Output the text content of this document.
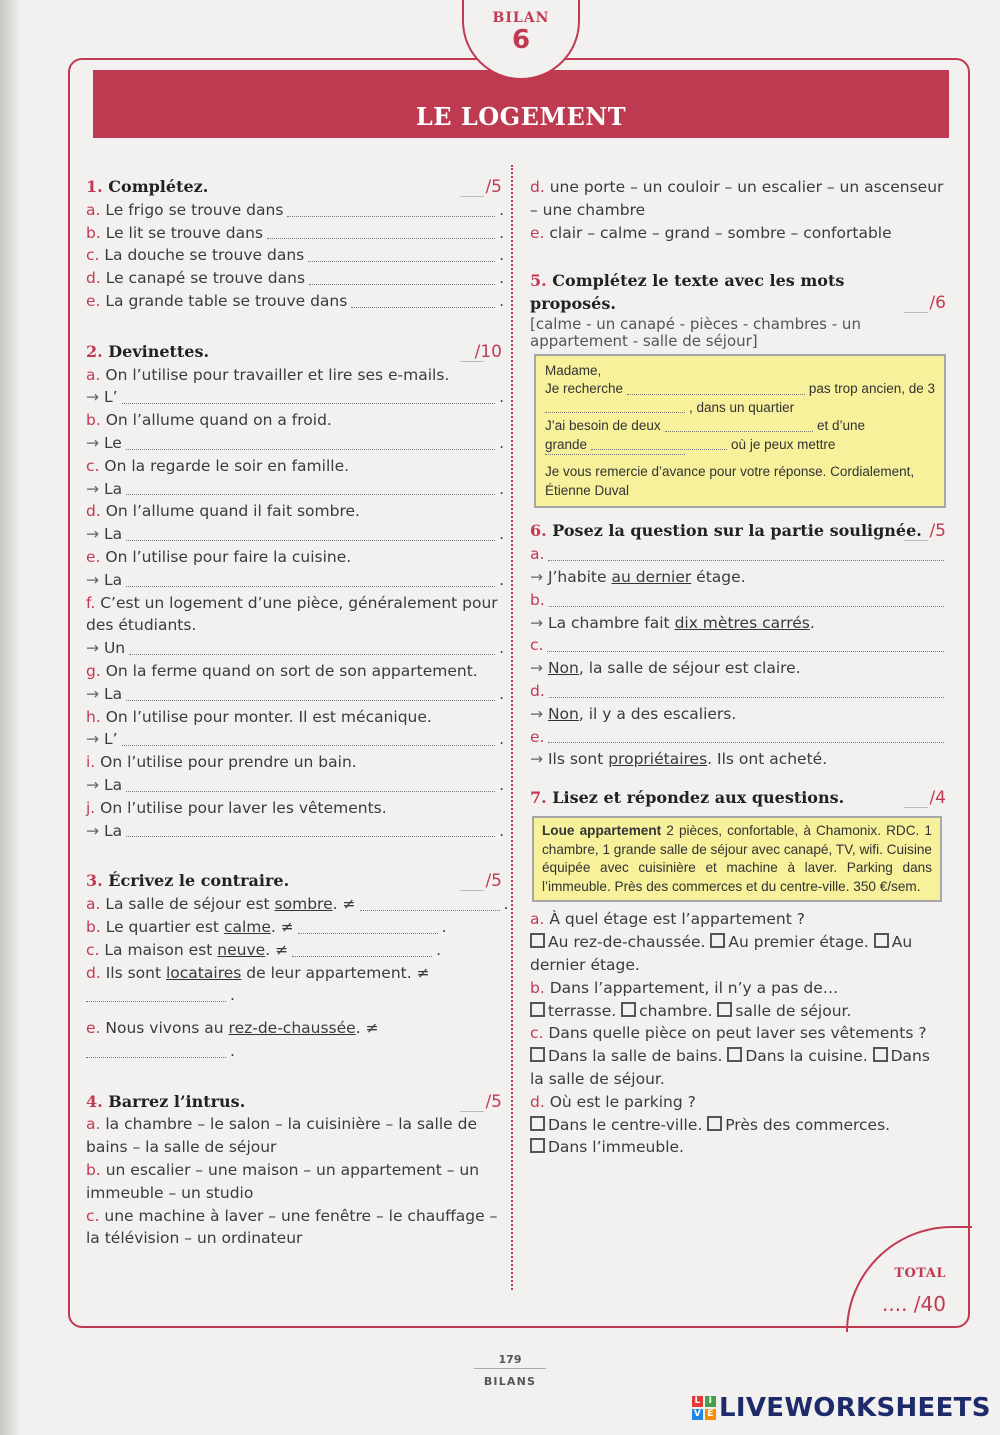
BILAN
6
LE LOGEMENT
1. Complétez.	/5
a.
Le frigo se trouve dans	.
b.
Le lit se trouve dans	.
c.
La douche se trouve dans	.
d.
Le canapé se trouve dans	.
e.
La grande table se trouve dans	.
2. Devinettes.	/10
a. On l’utilise pour travailler et lire ses e-mails.
→
L’	.
b. On l’allume quand on a froid.
→
Le	.
c. On la regarde le soir en famille.
→
La	.
d. On l’allume quand il fait sombre.
→
La	.
e. On l’utilise pour faire la cuisine.
→
La	.
f. C’est un logement d’une pièce, généralement pour des étudiants.
→
Un	.
g. On la ferme quand on sort de son appartement.
→
La	.
h. On l’utilise pour monter. Il est mécanique.
→
L’	.
i. On l’utilise pour prendre un bain.
→
La	.
j. On l’utilise pour laver les vêtements.
→
La	.
3. Écrivez le contraire.	/5
a.
La salle de séjour est
sombre .
≠	.
b.
Le quartier est
calme .
≠	.
c.
La maison est
neuve .
≠	.
d.
Ils sont
locataires
de leur appartement.
≠
.
e.
Nous vivons au
rez-de-chaussée .
≠
.
4. Barrez l’intrus.	/5
a. la chambre – le salon – la cuisinière – la salle de bains – la salle de séjour
b. un escalier – une maison – un appartement – un immeuble – un studio
c. une machine à laver – une fenêtre – le chauffage – la télévision – un ordinateur
d. une porte – un couloir – un escalier – un ascenseur – une chambre
e. clair – calme – grand – sombre – confortable
5. Complétez le texte avec les mots
proposés.	/6
[calme - un canapé - pièces - chambres - un appartement - salle de séjour]
Madame,
Je recherche	pas trop ancien, de 3
, dans un quartier
J’ai besoin de deux	et d’une
grande	où je peux mettre
Je vous remercie d’avance pour votre réponse. Cordialement, Étienne Duval
6. Posez la question sur la partie soulignée. /5
a.
→ J’habite au dernier étage.
b.
→ La chambre fait dix mètres carrés.
c.
→ Non, la salle de séjour est claire.
d.
→ Non, il y a des escaliers.
e.
→ Ils sont propriétaires. Ils ont acheté.
7. Lisez et répondez aux questions.	/4
Loue appartement 2 pièces, confortable, à Chamonix. RDC. 1 chambre, 1 grande salle de séjour avec canapé, TV, wifi. Cuisine équipée avec cuisinière et machine à laver. Parking dans l’immeuble. Près des commerces et du centre-ville. 350 €/sem.
a. À quel étage est l’appartement ?
Au rez-de-chaussée. Au premier étage. Au dernier étage.
b. Dans l’appartement, il n’y a pas de…
terrasse. chambre. salle de séjour.
c. Dans quelle pièce on peut laver ses vêtements ?
Dans la salle de bains. Dans la cuisine. Dans la salle de séjour.
d. Où est le parking ?
Dans le centre-ville. Près des commerces.
Dans l’immeuble.
TOTAL
.... /40
179
BILANS
L I
V E LIVEWORKSHEETS
